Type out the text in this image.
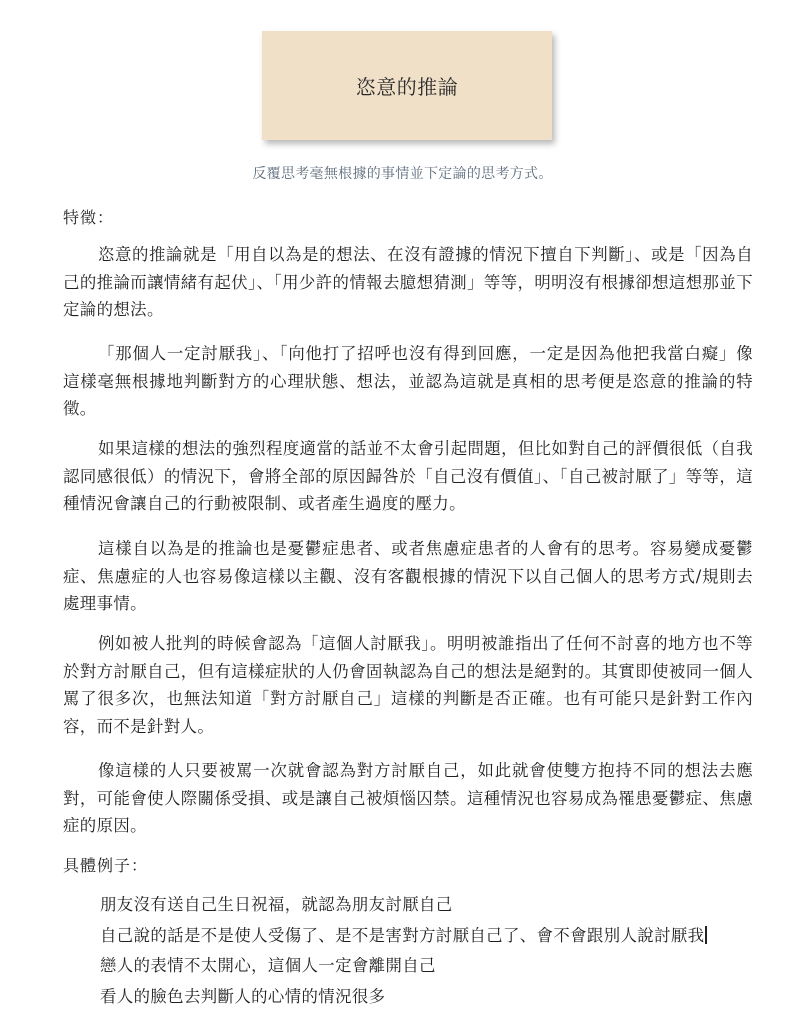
恣意的推論
反覆思考毫無根據的事情並下定論的思考方式。
特徵：

恣意的推論就是「用自以為是的想法、在沒有證據的情況下擅自下判斷」、或是「因為自己的推論而讓情緒有起伏」、「用少許的情報去臆想猜測」等等，明明沒有根據卻想這想那並下定論的想法。

「那個人一定討厭我」、「向他打了招呼也沒有得到回應，一定是因為他把我當白癡」像這樣毫無根據地判斷對方的心理狀態、想法，並認為這就是真相的思考便是恣意的推論的特徵。

如果這樣的想法的強烈程度適當的話並不太會引起問題，但比如對自己的評價很低（自我認同感很低）的情況下，會將全部的原因歸咎於「自己沒有價值」、「自己被討厭了」等等，這種情況會讓自己的行動被限制、或者產生過度的壓力。

這樣自以為是的推論也是憂鬱症患者、或者焦慮症患者的人會有的思考。容易變成憂鬱症、焦慮症的人也容易像這樣以主觀、沒有客觀根據的情況下以自己個人的思考方式/規則去處理事情。

例如被人批判的時候會認為「這個人討厭我」。明明被誰指出了任何不討喜的地方也不等於對方討厭自己，但有這樣症狀的人仍會固執認為自己的想法是絕對的。其實即使被同一個人罵了很多次，也無法知道「對方討厭自己」這樣的判斷是否正確。也有可能只是針對工作內容，而不是針對人。

像這樣的人只要被罵一次就會認為對方討厭自己，如此就會使雙方抱持不同的想法去應對，可能會使人際關係受損、或是讓自己被煩惱囚禁。這種情況也容易成為罹患憂鬱症、焦慮症的原因。

具體例子：
朋友沒有送自己生日祝福，就認為朋友討厭自己
自己說的話是不是使人受傷了、是不是害對方討厭自己了、會不會跟別人說討厭我
戀人的表情不太開心，這個人一定會離開自己
看人的臉色去判斷人的心情的情況很多
